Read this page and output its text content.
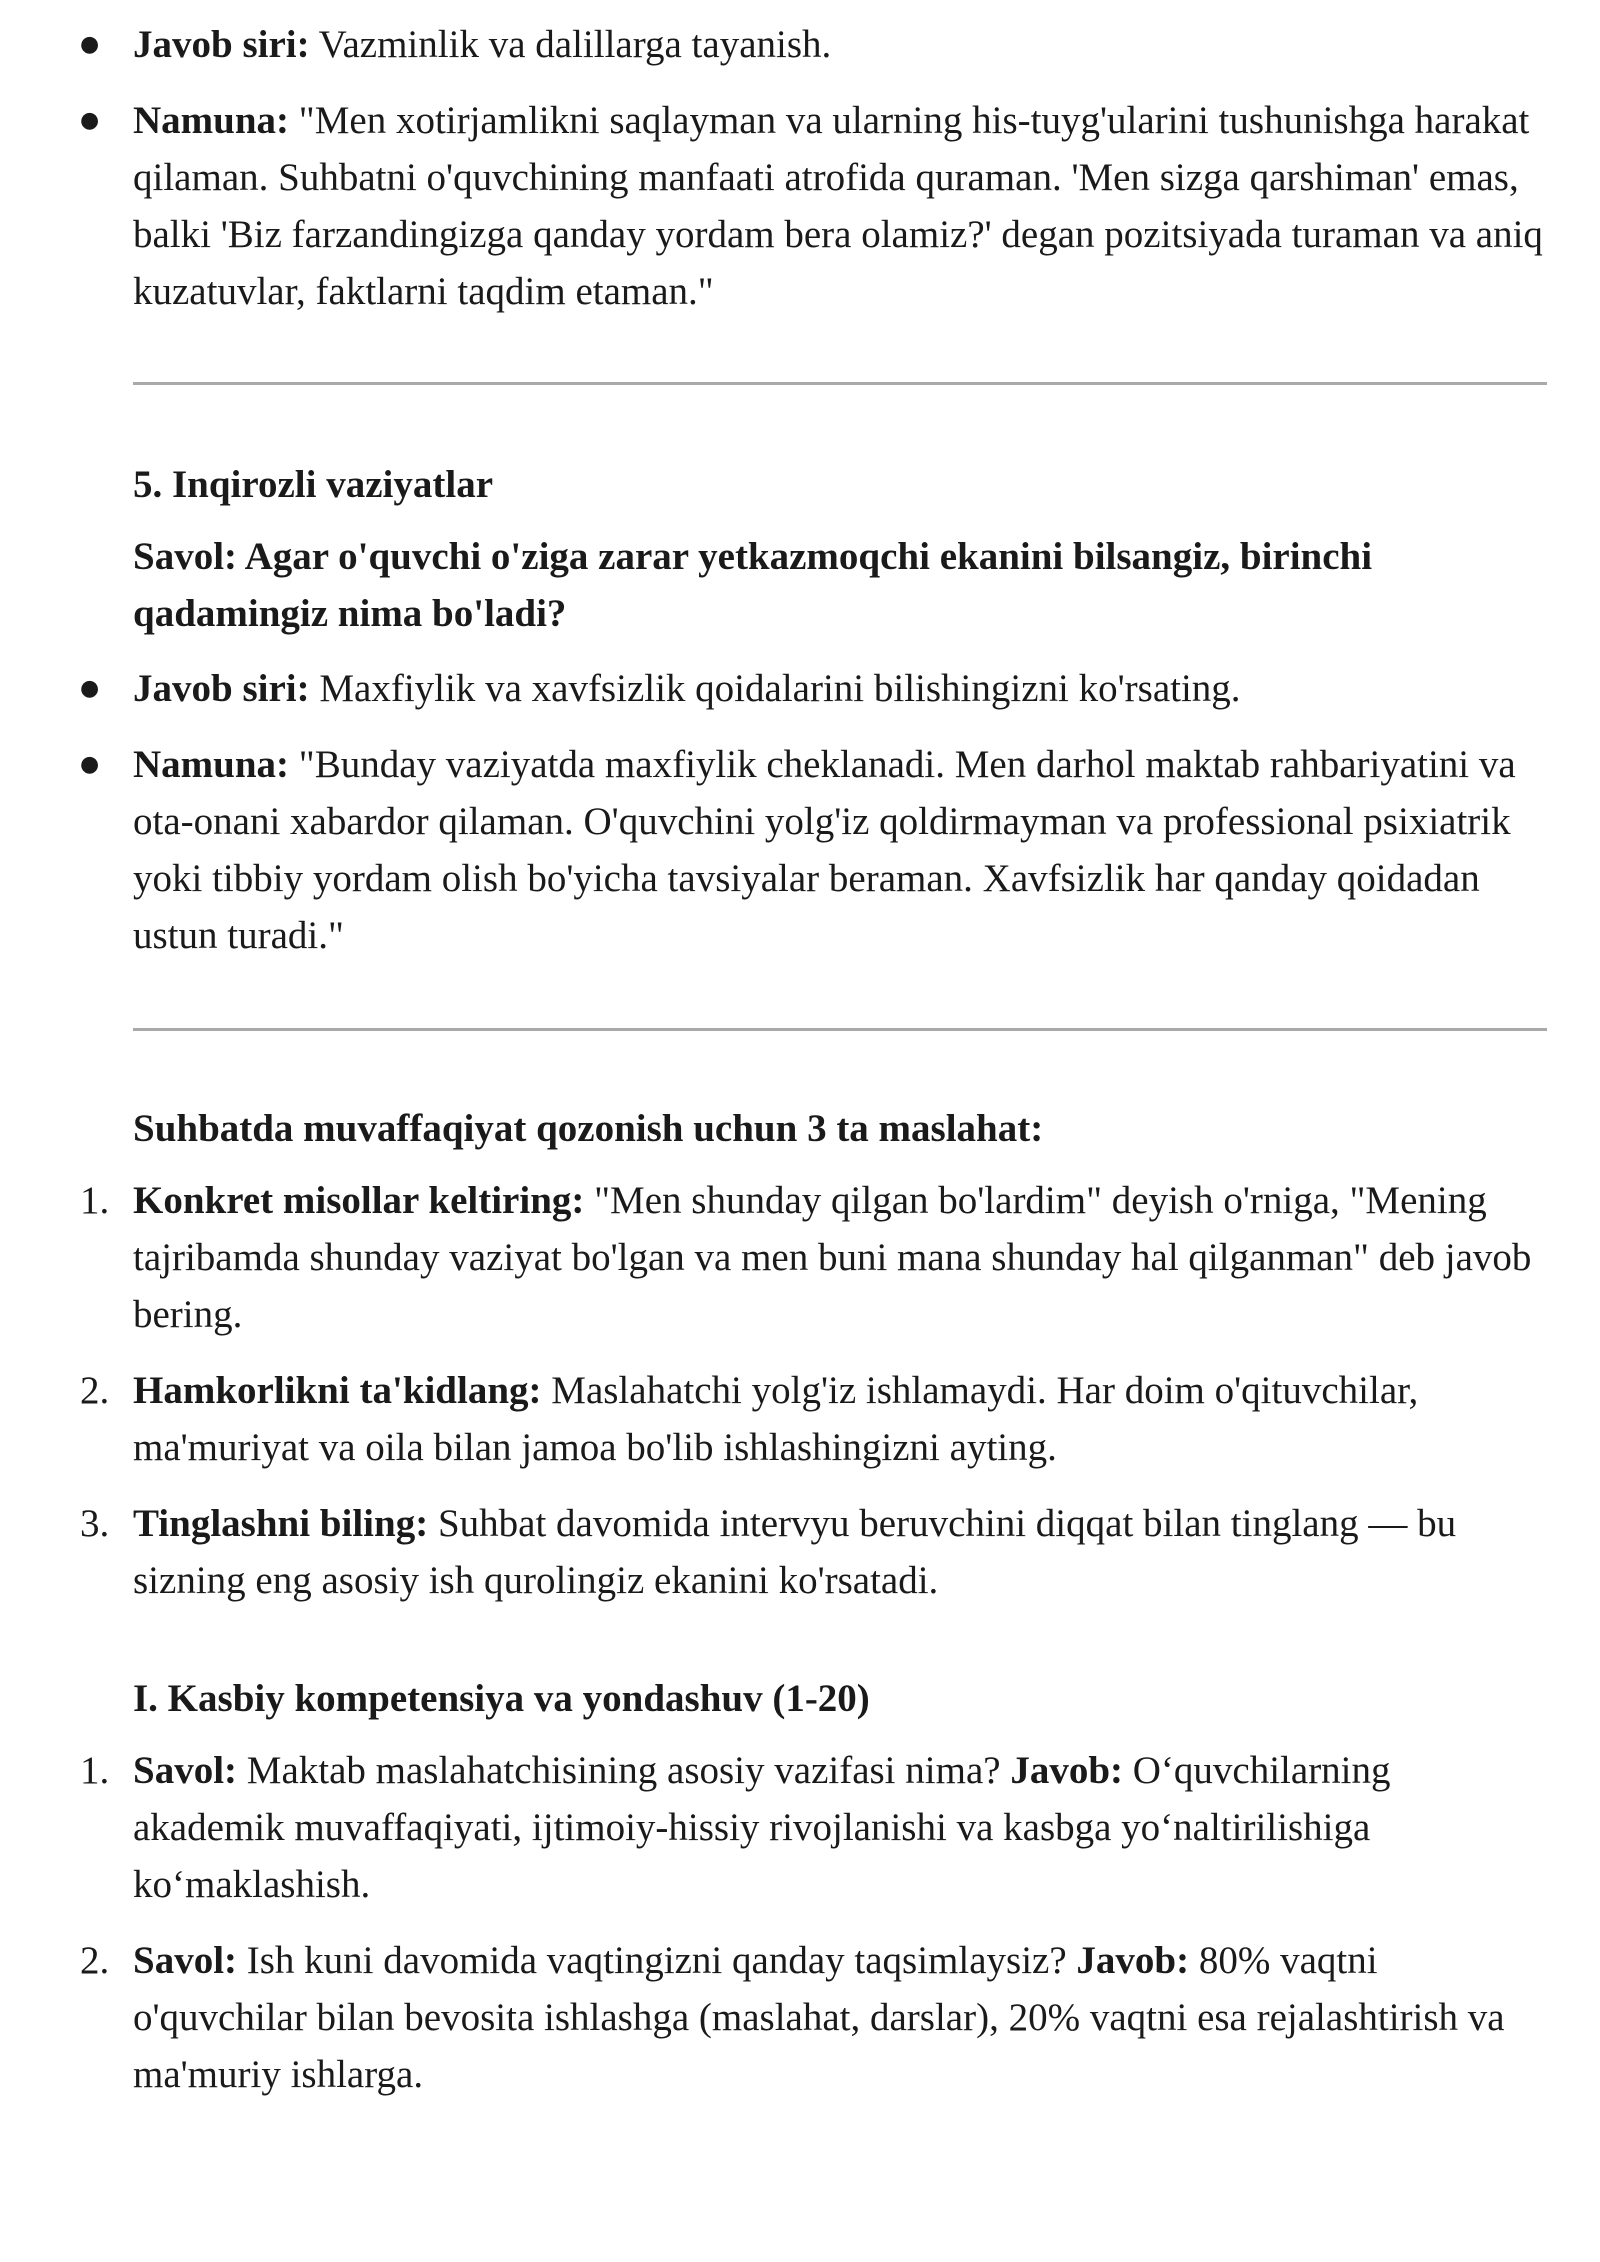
● Javob siri: Vazminlik va dalillarga tayanish.
● Namuna: "Men xotirjamlikni saqlayman va ularning his-tuyg'ularini tushunishga harakat qilaman. Suhbatni o'quvchining manfaati atrofida quraman. 'Men sizga qarshiman' emas, balki 'Biz farzandingizga qanday yordam bera olamiz?' degan pozitsiyada turaman va aniq kuzatuvlar, faktlarni taqdim etaman."
5. Inqirozli vaziyatlar
Savol: Agar o'quvchi o'ziga zarar yetkazmoqchi ekanini bilsangiz, birinchi qadamingiz nima bo'ladi?
● Javob siri: Maxfiylik va xavfsizlik qoidalarini bilishingizni ko'rsating.
● Namuna: "Bunday vaziyatda maxfiylik cheklanadi. Men darhol maktab rahbariyatini va ota-onani xabardor qilaman. O'quvchini yolg'iz qoldirmayman va professional psixiatrik yoki tibbiy yordam olish bo'yicha tavsiyalar beraman. Xavfsizlik har qanday qoidadan ustun turadi."
Suhbatda muvaffaqiyat qozonish uchun 3 ta maslahat:
1. Konkret misollar keltiring: "Men shunday qilgan bo'lardim" deyish o'rniga, "Mening tajribamda shunday vaziyat bo'lgan va men buni mana shunday hal qilganman" deb javob bering.
2. Hamkorlikni ta'kidlang: Maslahatchi yolg'iz ishlamaydi. Har doim o'qituvchilar, ma'muriyat va oila bilan jamoa bo'lib ishlashingizni ayting.
3. Tinglashni biling: Suhbat davomida intervyu beruvchini diqqat bilan tinglang — bu sizning eng asosiy ish qurolingiz ekanini ko'rsatadi.
I. Kasbiy kompetensiya va yondashuv (1-20)
1. Savol: Maktab maslahatchisining asosiy vazifasi nima? Javob: O‘quvchilarning akademik muvaffaqiyati, ijtimoiy-hissiy rivojlanishi va kasbga yo‘naltirilishiga ko‘maklashish.
2. Savol: Ish kuni davomida vaqtingizni qanday taqsimlaysiz? Javob: 80% vaqtni o'quvchilar bilan bevosita ishlashga (maslahat, darslar), 20% vaqtni esa rejalashtirish va ma'muriy ishlarga.
